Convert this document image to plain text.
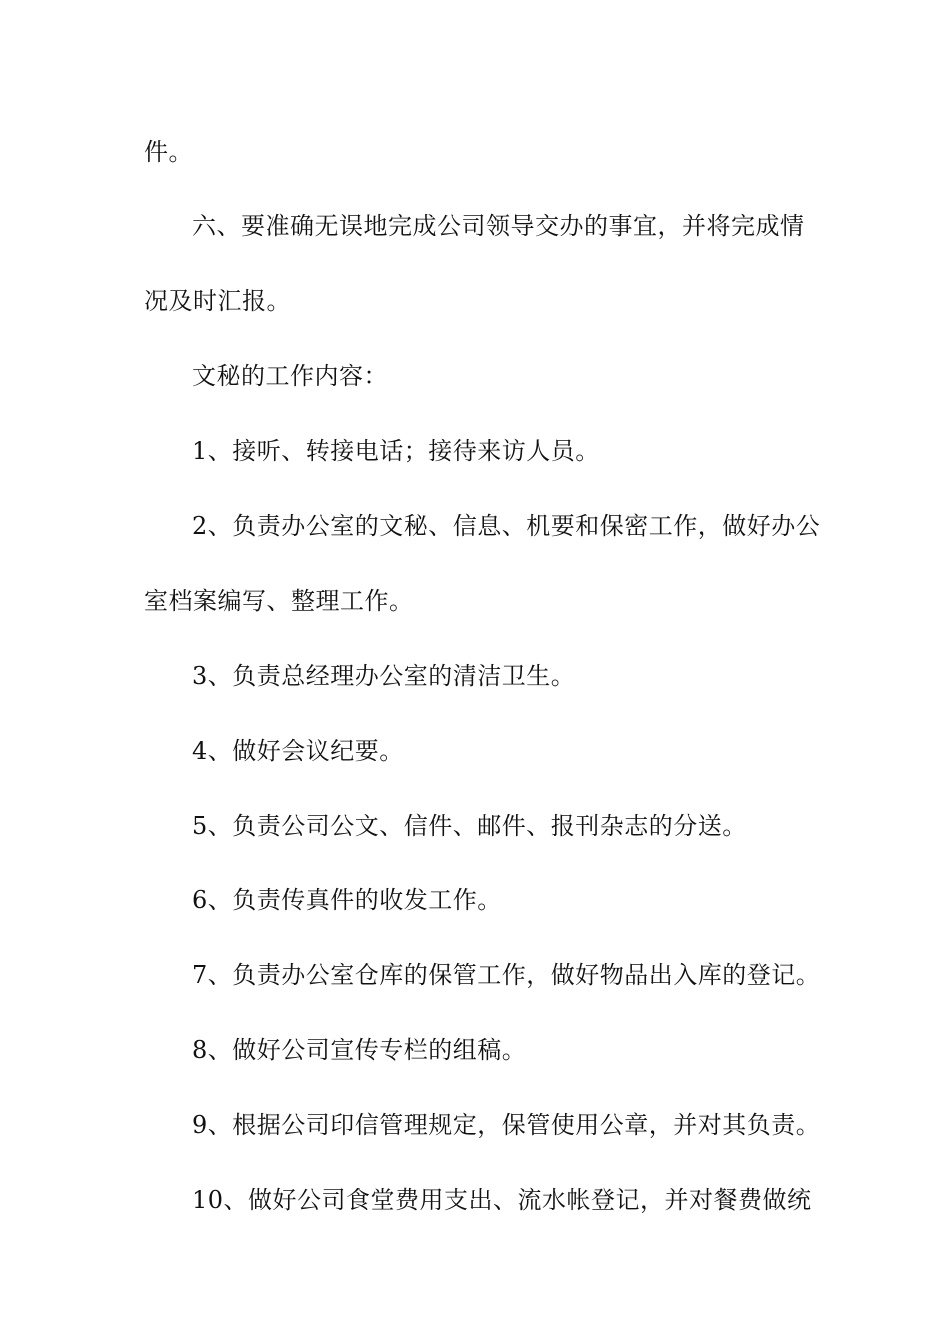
件。
六、要准确无误地完成公司领导交办的事宜，并将完成情
况及时汇报。
文秘的工作内容：
1、接听、转接电话；接待来访人员。
2、负责办公室的文秘、信息、机要和保密工作，做好办公
室档案编写、整理工作。
3、负责总经理办公室的清洁卫生。
4、做好会议纪要。
5、负责公司公文、信件、邮件、报刊杂志的分送。
6、负责传真件的收发工作。
7、负责办公室仓库的保管工作，做好物品出入库的登记。
8、做好公司宣传专栏的组稿。
9、根据公司印信管理规定，保管使用公章，并对其负责。
10、做好公司食堂费用支出、流水帐登记，并对餐费做统
